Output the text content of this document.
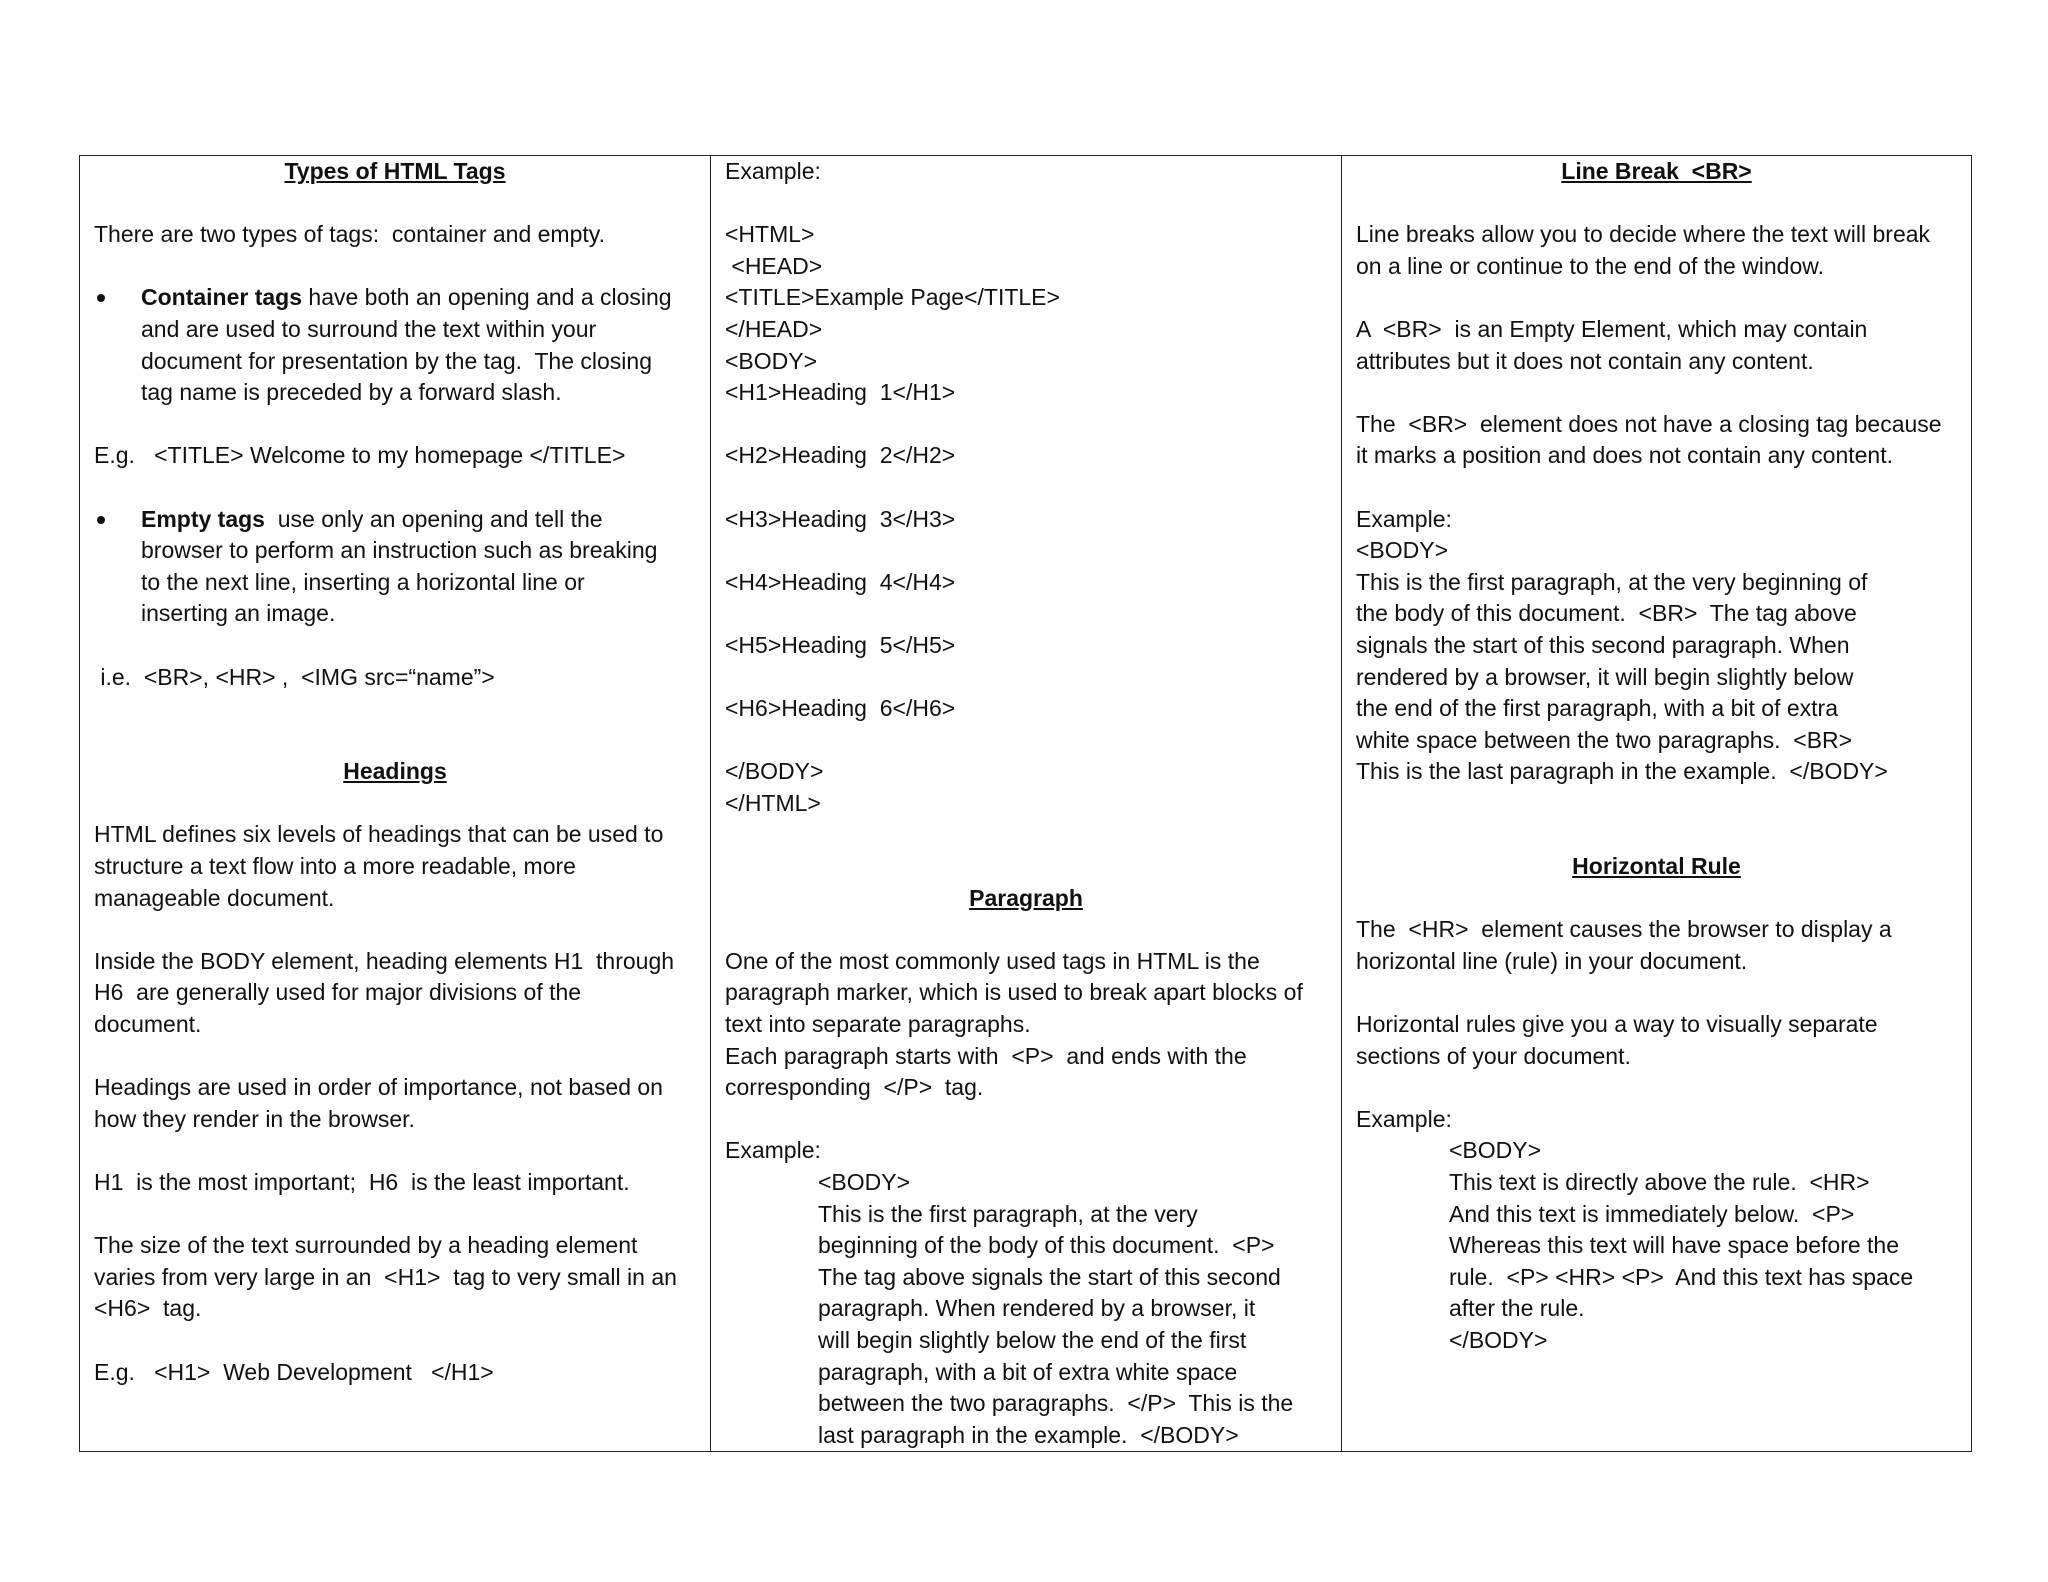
Types of HTML Tags
There are two types of tags:  container and empty.
Container tags have both an opening and a closing
and are used to surround the text within your
document for presentation by the tag.  The closing
tag name is preceded by a forward slash.
E.g.   <TITLE> Welcome to my homepage </TITLE>
Empty tags  use only an opening and tell the
browser to perform an instruction such as breaking
to the next line, inserting a horizontal line or
inserting an image.
i.e.  <BR>, <HR> ,  <IMG src=“name”>
Headings
HTML defines six levels of headings that can be used to
structure a text flow into a more readable, more
manageable document.
Inside the BODY element, heading elements H1  through
H6  are generally used for major divisions of the
document.
Headings are used in order of importance, not based on
how they render in the browser.
H1  is the most important;  H6  is the least important.
The size of the text surrounded by a heading element
varies from very large in an  <H1>  tag to very small in an
<H6>  tag.
E.g.   <H1>  Web Development   </H1>
Example:
<HTML>
<HEAD>
<TITLE>Example Page</TITLE>
</HEAD>
<BODY>
<H1>Heading  1</H1>
<H2>Heading  2</H2>
<H3>Heading  3</H3>
<H4>Heading  4</H4>
<H5>Heading  5</H5>
<H6>Heading  6</H6>
</BODY>
</HTML>
Paragraph
One of the most commonly used tags in HTML is the
paragraph marker, which is used to break apart blocks of
text into separate paragraphs.
Each paragraph starts with  <P>  and ends with the
corresponding  </P>  tag.
Example:
<BODY>
This is the first paragraph, at the very
beginning of the body of this document.  <P>
The tag above signals the start of this second
paragraph. When rendered by a browser, it
will begin slightly below the end of the first
paragraph, with a bit of extra white space
between the two paragraphs.  </P>  This is the
last paragraph in the example.  </BODY>
Line Break  <BR>
Line breaks allow you to decide where the text will break
on a line or continue to the end of the window.
A  <BR>  is an Empty Element, which may contain
attributes but it does not contain any content.
The  <BR>  element does not have a closing tag because
it marks a position and does not contain any content.
Example:
<BODY>
This is the first paragraph, at the very beginning of
the body of this document.  <BR>  The tag above
signals the start of this second paragraph. When
rendered by a browser, it will begin slightly below
the end of the first paragraph, with a bit of extra
white space between the two paragraphs.  <BR>
This is the last paragraph in the example.  </BODY>
Horizontal Rule
The  <HR>  element causes the browser to display a
horizontal line (rule) in your document.
Horizontal rules give you a way to visually separate
sections of your document.
Example:
<BODY>
This text is directly above the rule.  <HR>
And this text is immediately below.  <P>
Whereas this text will have space before the
rule.  <P> <HR> <P>  And this text has space
after the rule.
</BODY>
